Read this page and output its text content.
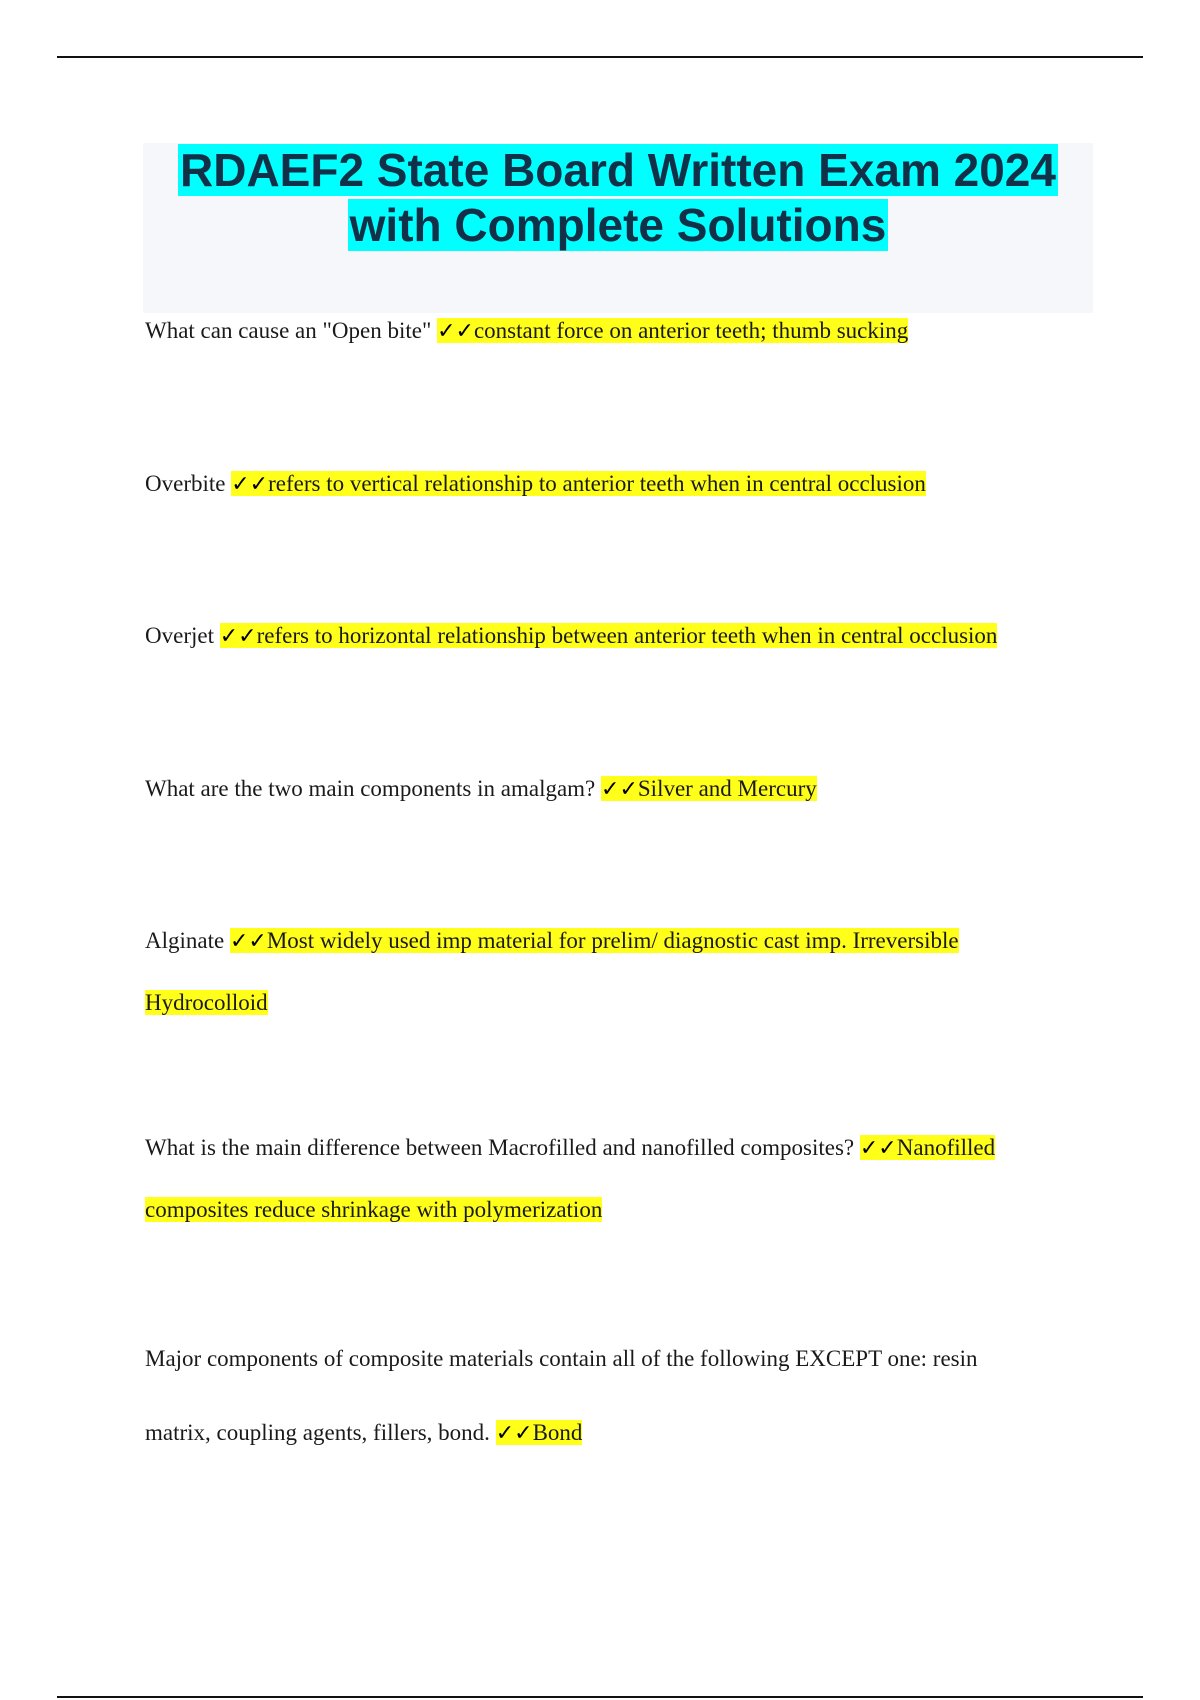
RDAEF2 State Board Written Exam 2024
with Complete Solutions

What can cause an "Open bite" ✓✓constant force on anterior teeth; thumb sucking

Overbite ✓✓refers to vertical relationship to anterior teeth when in central occlusion

Overjet ✓✓refers to horizontal relationship between anterior teeth when in central occlusion

What are the two main components in amalgam? ✓✓Silver and Mercury

Alginate ✓✓Most widely used imp material for prelim/ diagnostic cast imp. Irreversible Hydrocolloid

What is the main difference between Macrofilled and nanofilled composites? ✓✓Nanofilled composites reduce shrinkage with polymerization

Major components of composite materials contain all of the following EXCEPT one: resin matrix, coupling agents, fillers, bond. ✓✓Bond
